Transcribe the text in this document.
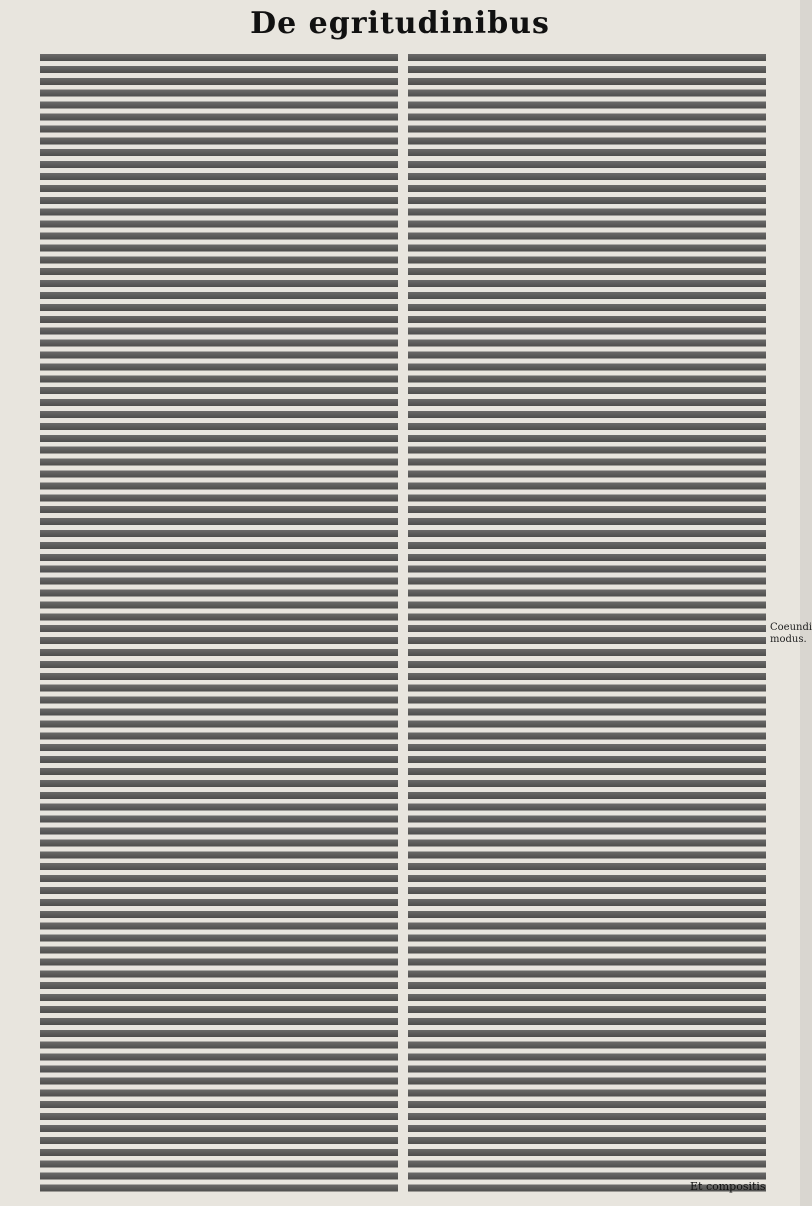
De egritudinibus
Coeundi
modus.
Et compositis
